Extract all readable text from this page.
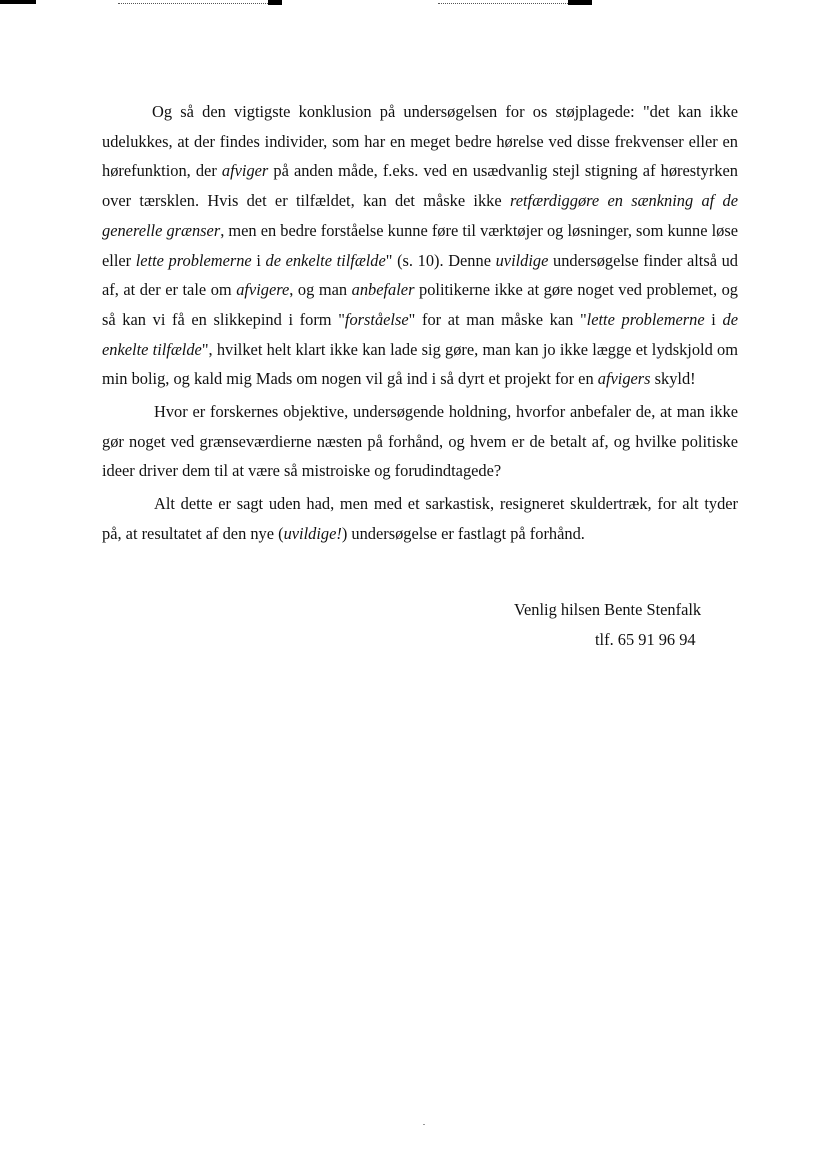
Og så den vigtigste konklusion på undersøgelsen for os støjplagede: "det kan ikke udelukkes, at der findes individer, som har en meget bedre hørelse ved disse frekvenser eller en hørefunktion, der afviger på anden måde, f.eks. ved en usædvanlig stejl stigning af hørestyrken over tærsklen. Hvis det er tilfældet, kan det måske ikke retfærdiggøre en sænkning af de generelle grænser, men en bedre forståelse kunne føre til værktøjer og løsninger, som kunne løse eller lette problemerne i de enkelte tilfælde" (s. 10). Denne uvildige undersøgelse finder altså ud af, at der er tale om afvigere, og man anbefaler politikerne ikke at gøre noget ved problemet, og så kan vi få en slikkepind i form "forståelse" for at man måske kan "lette problemerne i de enkelte tilfælde", hvilket helt klart ikke kan lade sig gøre, man kan jo ikke lægge et lydskjold om min bolig, og kald mig Mads om nogen vil gå ind i så dyrt et projekt for en afvigers skyld!

Hvor er forskernes objektive, undersøgende holdning, hvorfor anbefaler de, at man ikke gør noget ved grænseværdierne næsten på forhånd, og hvem er de betalt af, og hvilke politiske ideer driver dem til at være så mistroiske og forudindtagede?

Alt dette er sagt uden had, men med et sarkastisk, resigneret skuldertræk, for alt tyder på, at resultatet af den nye (uvildige!) undersøgelse er fastlagt på forhånd.

Venlig hilsen Bente Stenfalk
tlf. 65 91 96 94
